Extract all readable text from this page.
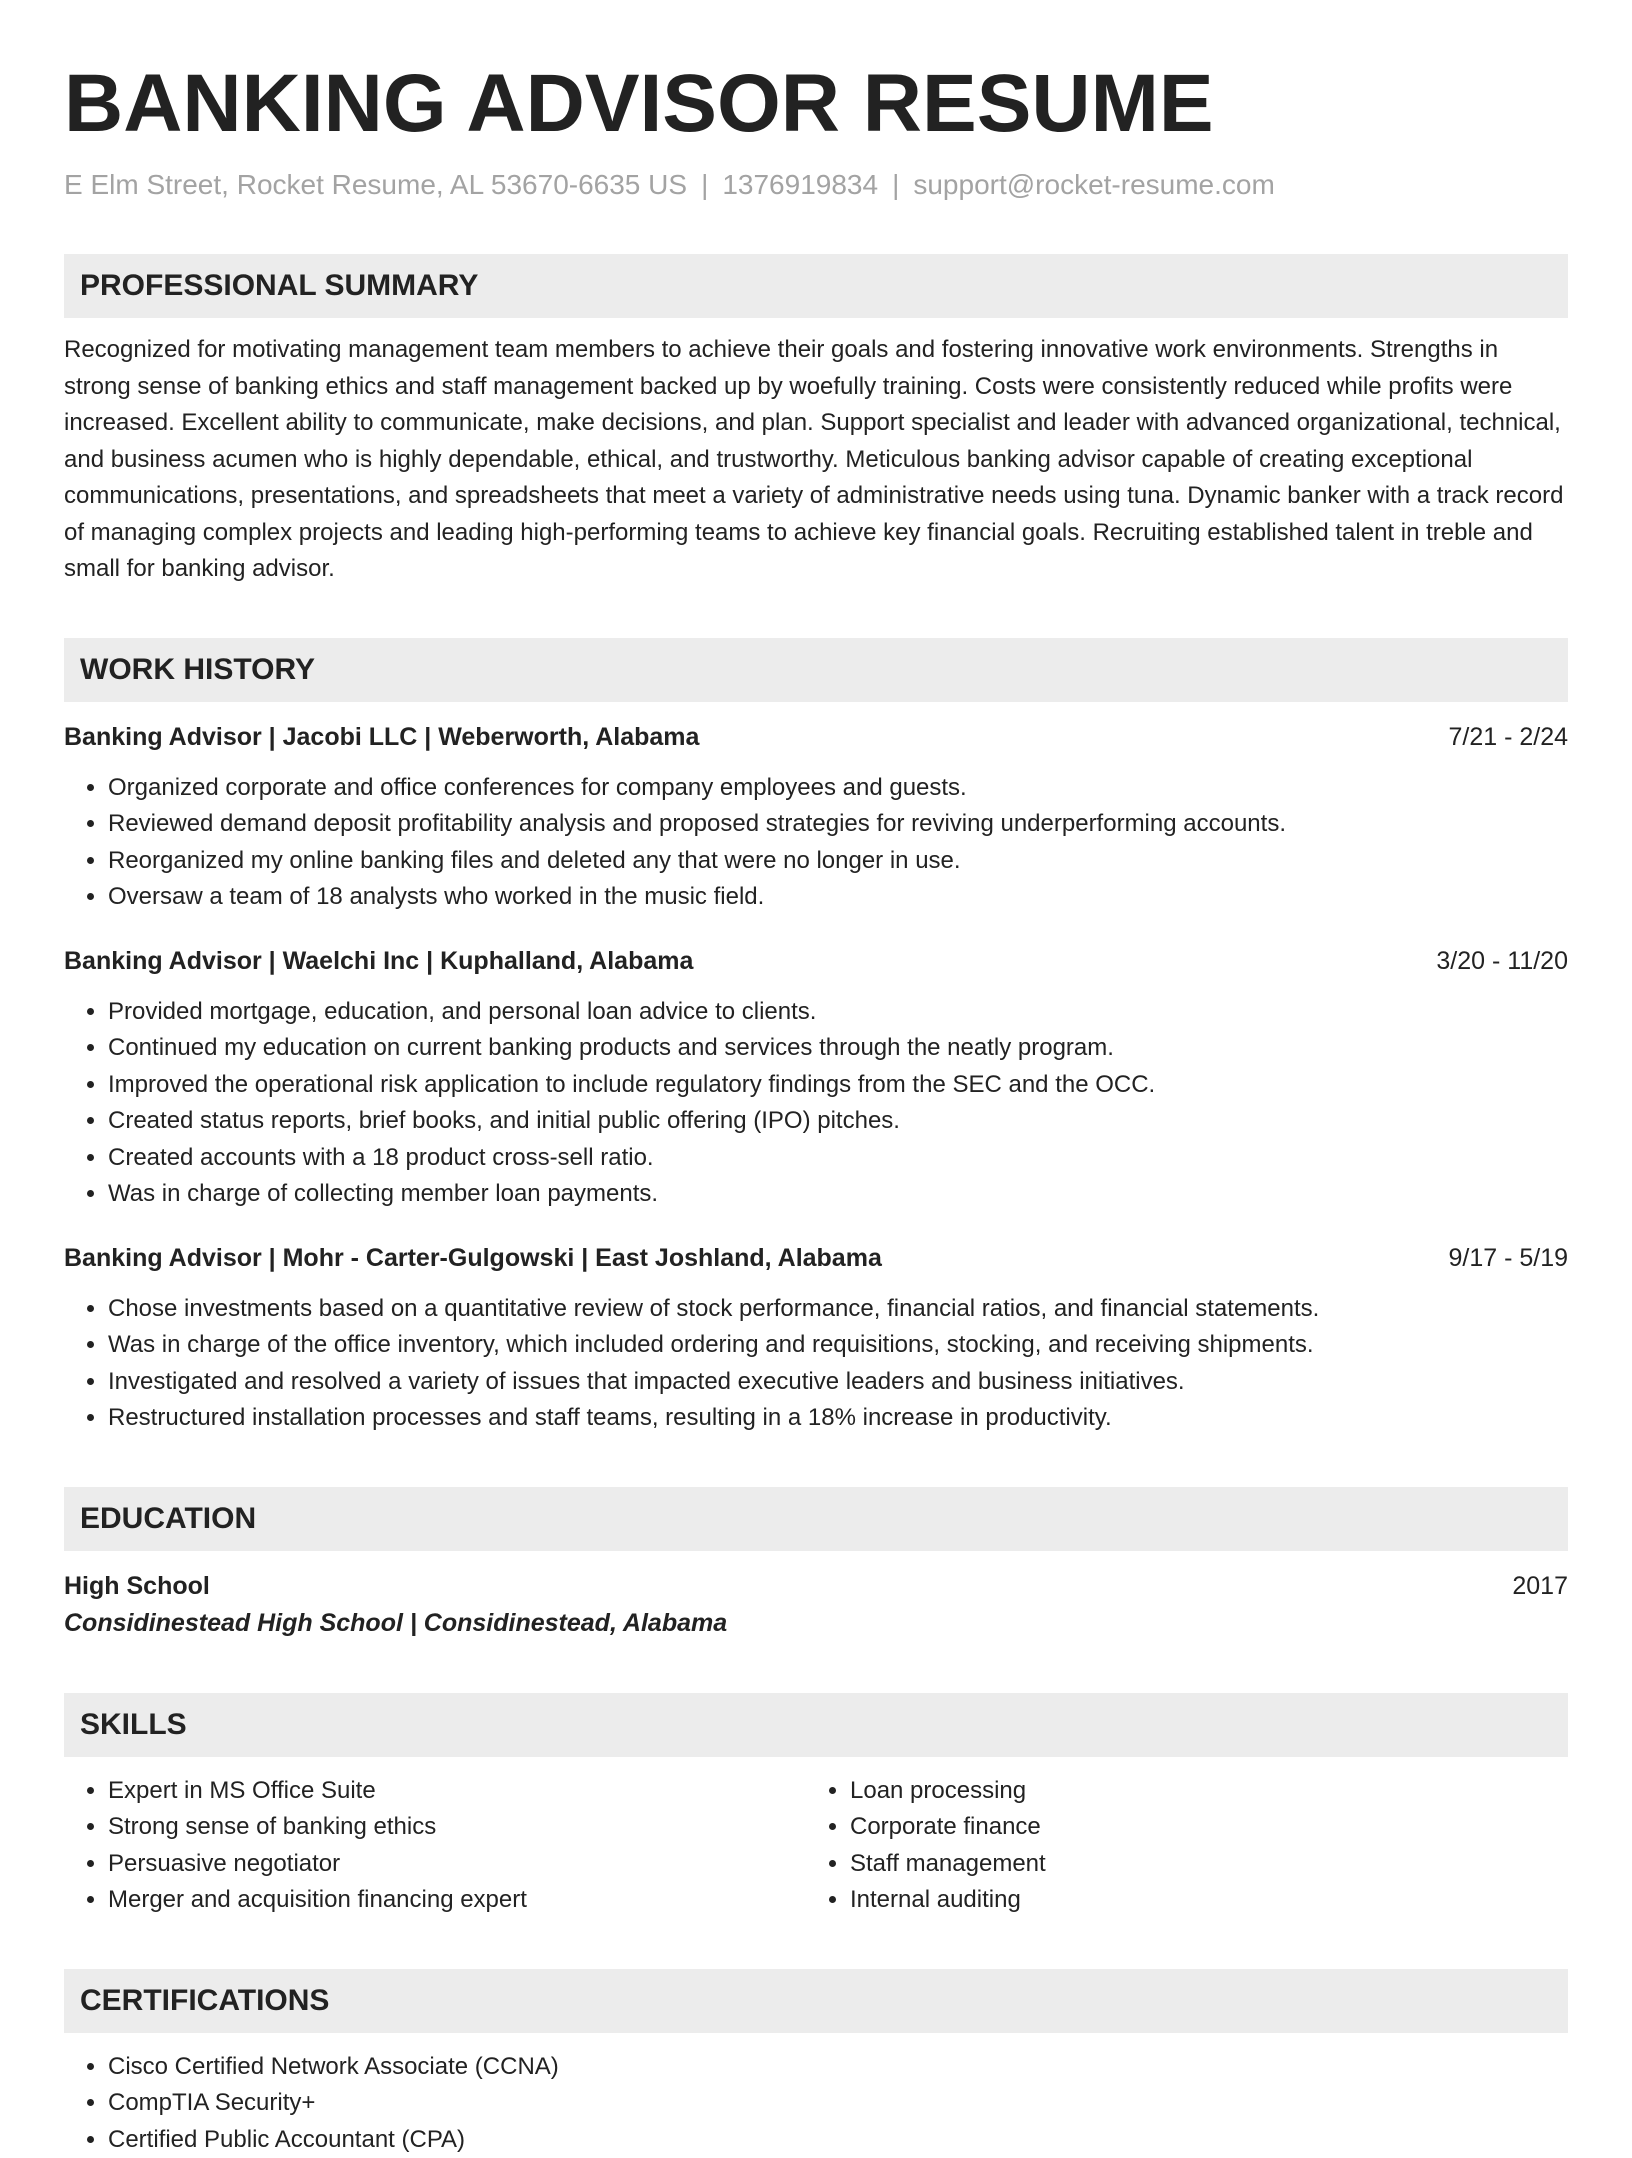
BANKING ADVISOR RESUME
E Elm Street, Rocket Resume, AL 53670-6635 US | 1376919834 | support@rocket-resume.com
PROFESSIONAL SUMMARY
Recognized for motivating management team members to achieve their goals and fostering innovative work environments. Strengths in strong sense of banking ethics and staff management backed up by woefully training. Costs were consistently reduced while profits were increased. Excellent ability to communicate, make decisions, and plan. Support specialist and leader with advanced organizational, technical, and business acumen who is highly dependable, ethical, and trustworthy. Meticulous banking advisor capable of creating exceptional communications, presentations, and spreadsheets that meet a variety of administrative needs using tuna. Dynamic banker with a track record of managing complex projects and leading high-performing teams to achieve key financial goals. Recruiting established talent in treble and small for banking advisor.
WORK HISTORY
Banking Advisor | Jacobi LLC | Weberworth, Alabama	7/21 - 2/24
• Organized corporate and office conferences for company employees and guests.
• Reviewed demand deposit profitability analysis and proposed strategies for reviving underperforming accounts.
• Reorganized my online banking files and deleted any that were no longer in use.
• Oversaw a team of 18 analysts who worked in the music field.
Banking Advisor | Waelchi Inc | Kuphalland, Alabama	3/20 - 11/20
• Provided mortgage, education, and personal loan advice to clients.
• Continued my education on current banking products and services through the neatly program.
• Improved the operational risk application to include regulatory findings from the SEC and the OCC.
• Created status reports, brief books, and initial public offering (IPO) pitches.
• Created accounts with a 18 product cross-sell ratio.
• Was in charge of collecting member loan payments.
Banking Advisor | Mohr - Carter-Gulgowski | East Joshland, Alabama	9/17 - 5/19
• Chose investments based on a quantitative review of stock performance, financial ratios, and financial statements.
• Was in charge of the office inventory, which included ordering and requisitions, stocking, and receiving shipments.
• Investigated and resolved a variety of issues that impacted executive leaders and business initiatives.
• Restructured installation processes and staff teams, resulting in a 18% increase in productivity.
EDUCATION
High School	2017
Considinestead High School | Considinestead, Alabama
SKILLS
• Expert in MS Office Suite
• Strong sense of banking ethics
• Persuasive negotiator
• Merger and acquisition financing expert
• Loan processing
• Corporate finance
• Staff management
• Internal auditing
CERTIFICATIONS
• Cisco Certified Network Associate (CCNA)
• CompTIA Security+
• Certified Public Accountant (CPA)
